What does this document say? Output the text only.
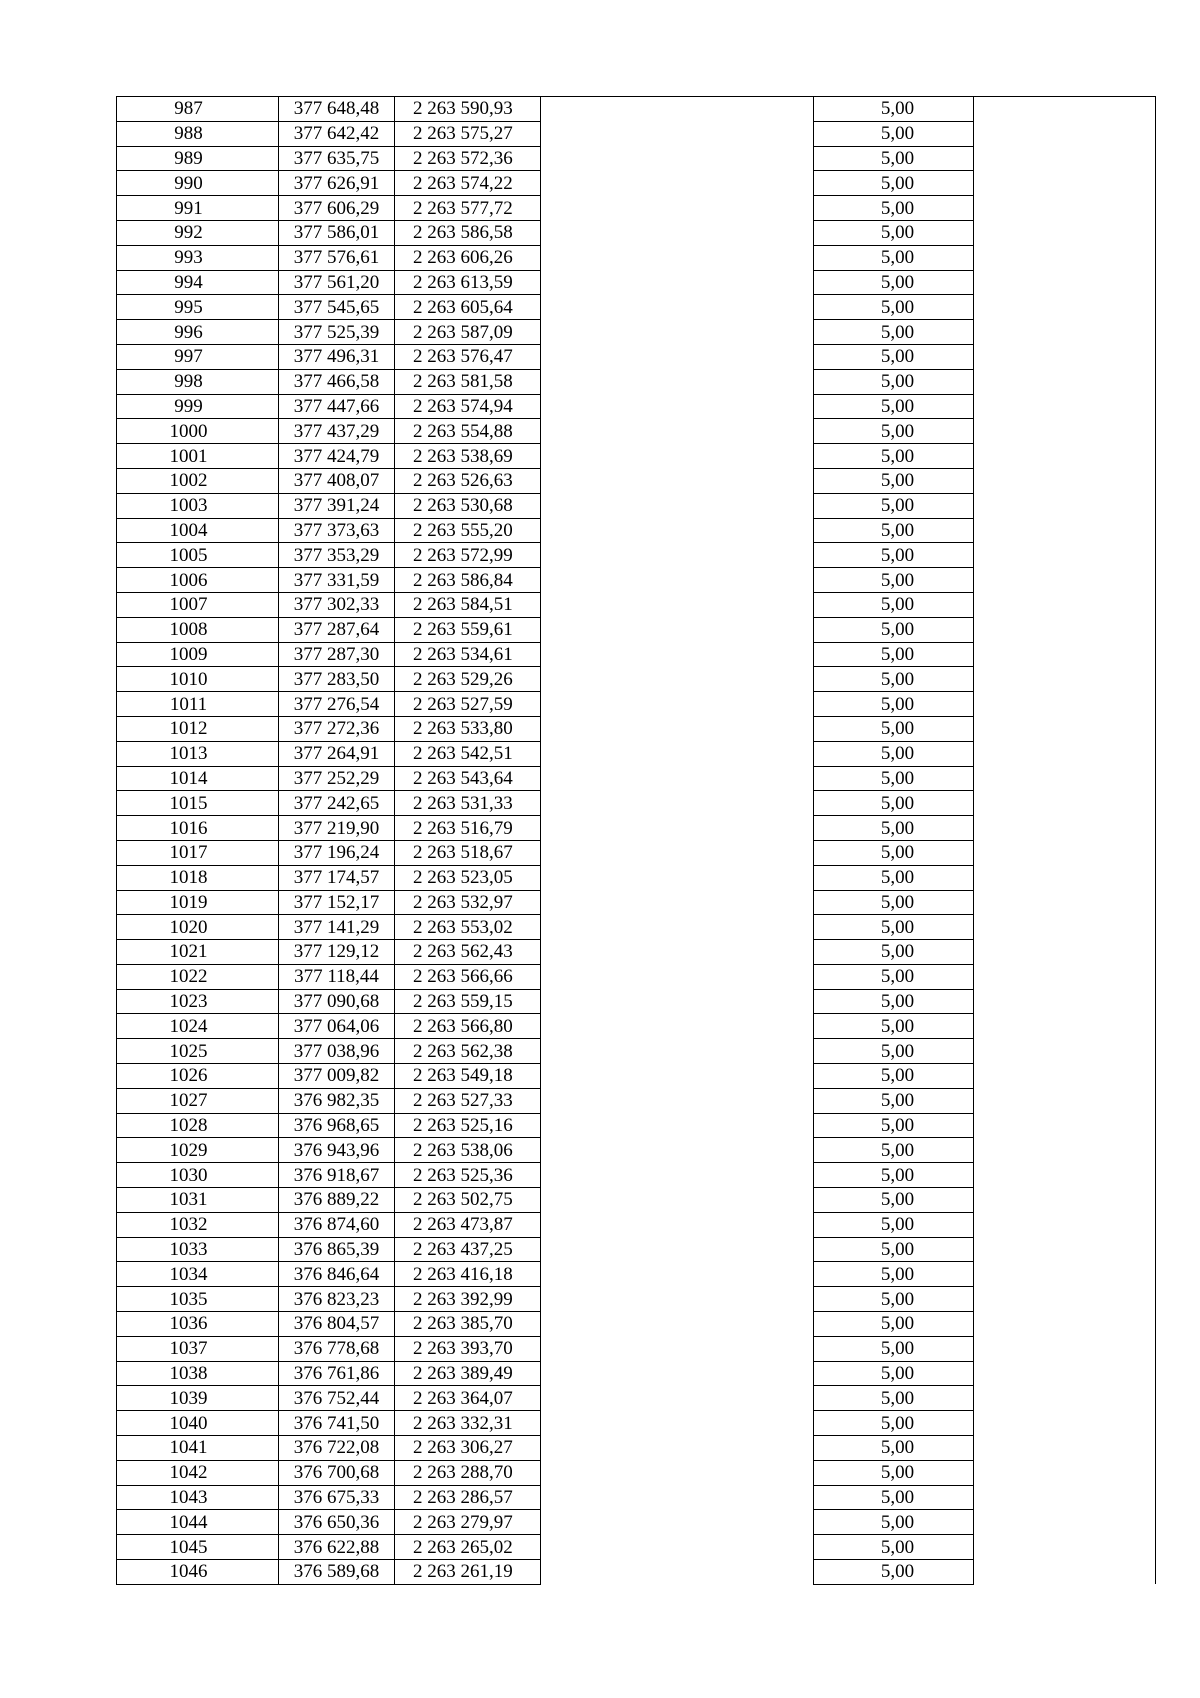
987	377 648,48	2 263 590,93		5,00	
988	377 642,42	2 263 575,27		5,00	
989	377 635,75	2 263 572,36		5,00	
990	377 626,91	2 263 574,22		5,00	
991	377 606,29	2 263 577,72		5,00	
992	377 586,01	2 263 586,58		5,00	
993	377 576,61	2 263 606,26		5,00	
994	377 561,20	2 263 613,59		5,00	
995	377 545,65	2 263 605,64		5,00	
996	377 525,39	2 263 587,09		5,00	
997	377 496,31	2 263 576,47		5,00	
998	377 466,58	2 263 581,58		5,00	
999	377 447,66	2 263 574,94		5,00	
1000	377 437,29	2 263 554,88		5,00	
1001	377 424,79	2 263 538,69		5,00	
1002	377 408,07	2 263 526,63		5,00	
1003	377 391,24	2 263 530,68		5,00	
1004	377 373,63	2 263 555,20		5,00	
1005	377 353,29	2 263 572,99		5,00	
1006	377 331,59	2 263 586,84		5,00	
1007	377 302,33	2 263 584,51		5,00	
1008	377 287,64	2 263 559,61		5,00	
1009	377 287,30	2 263 534,61		5,00	
1010	377 283,50	2 263 529,26		5,00	
1011	377 276,54	2 263 527,59		5,00	
1012	377 272,36	2 263 533,80		5,00	
1013	377 264,91	2 263 542,51		5,00	
1014	377 252,29	2 263 543,64		5,00	
1015	377 242,65	2 263 531,33		5,00	
1016	377 219,90	2 263 516,79		5,00	
1017	377 196,24	2 263 518,67		5,00	
1018	377 174,57	2 263 523,05		5,00	
1019	377 152,17	2 263 532,97		5,00	
1020	377 141,29	2 263 553,02		5,00	
1021	377 129,12	2 263 562,43		5,00	
1022	377 118,44	2 263 566,66		5,00	
1023	377 090,68	2 263 559,15		5,00	
1024	377 064,06	2 263 566,80		5,00	
1025	377 038,96	2 263 562,38		5,00	
1026	377 009,82	2 263 549,18		5,00	
1027	376 982,35	2 263 527,33		5,00	
1028	376 968,65	2 263 525,16		5,00	
1029	376 943,96	2 263 538,06		5,00	
1030	376 918,67	2 263 525,36		5,00	
1031	376 889,22	2 263 502,75		5,00	
1032	376 874,60	2 263 473,87		5,00	
1033	376 865,39	2 263 437,25		5,00	
1034	376 846,64	2 263 416,18		5,00	
1035	376 823,23	2 263 392,99		5,00	
1036	376 804,57	2 263 385,70		5,00	
1037	376 778,68	2 263 393,70		5,00	
1038	376 761,86	2 263 389,49		5,00	
1039	376 752,44	2 263 364,07		5,00	
1040	376 741,50	2 263 332,31		5,00	
1041	376 722,08	2 263 306,27		5,00	
1042	376 700,68	2 263 288,70		5,00	
1043	376 675,33	2 263 286,57		5,00	
1044	376 650,36	2 263 279,97		5,00	
1045	376 622,88	2 263 265,02		5,00	
1046	376 589,68	2 263 261,19		5,00	
